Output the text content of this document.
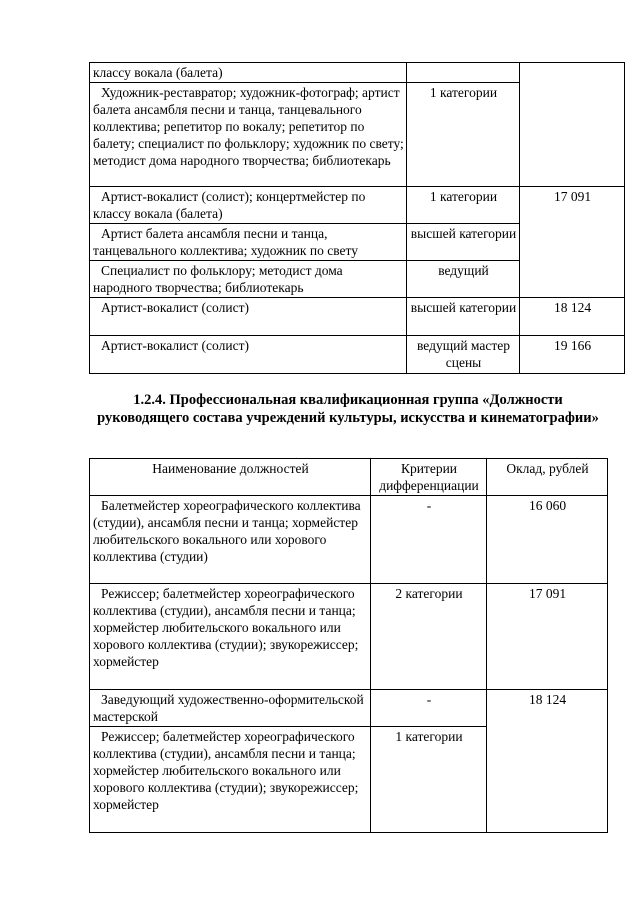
классу вокала (балета)		
Художник-реставратор; художник-фотограф; артист балета ансамбля песни и танца, танцевального коллектива; репетитор по вокалу; репетитор по балету; специалист по фольклору; художник по свету; методист дома народного творчества; библиотекарь	1 категории	
Артист-вокалист (солист); концертмейстер по классу вокала (балета)	1 категории	17 091
Артист балета ансамбля песни и танца, танцевального коллектива; художник по свету	высшей категории	
Специалист по фольклору; методист дома народного творчества; библиотекарь	ведущий	
Артист-вокалист (солист)	высшей категории	18 124
Артист-вокалист (солист)	ведущий мастер сцены	19 166

1.2.4. Профессиональная квалификационная группа «Должности руководящего состава учреждений культуры, искусства и кинематографии»

Наименование должностей	Критерии дифференциации	Оклад, рублей
Балетмейстер хореографического коллектива (студии), ансамбля песни и танца; хормейстер любительского вокального или хорового коллектива (студии)	-	16 060
Режиссер; балетмейстер хореографического коллектива (студии), ансамбля песни и танца; хормейстер любительского вокального или хорового коллектива (студии); звукорежиссер; хормейстер	2 категории	17 091
Заведующий художественно-оформительской мастерской	-	18 124
Режиссер; балетмейстер хореографического коллектива (студии), ансамбля песни и танца; хормейстер любительского вокального или хорового коллектива (студии); звукорежиссер; хормейстер	1 категории	
